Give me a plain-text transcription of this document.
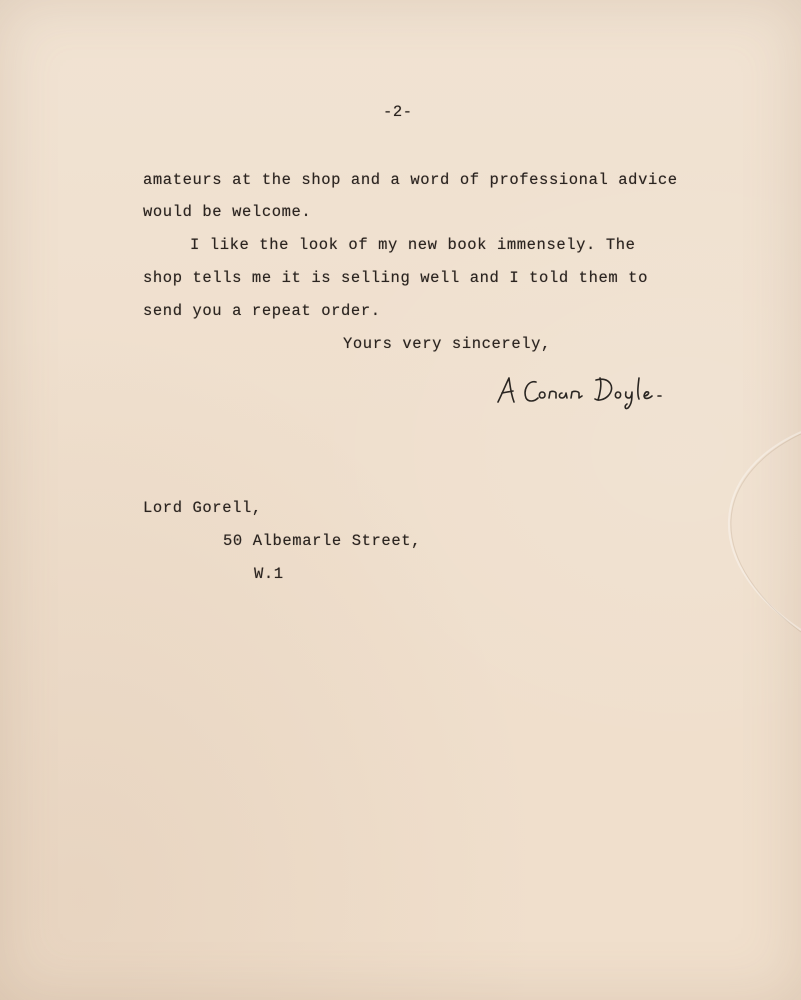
-2-
amateurs at the shop and a word of professional advice
would be welcome.
I like the look of my new book immensely. The
shop tells me it is selling well and I told them to
send you a repeat order.
Yours very sincerely,
Lord Gorell,
50 Albemarle Street,
W.1
